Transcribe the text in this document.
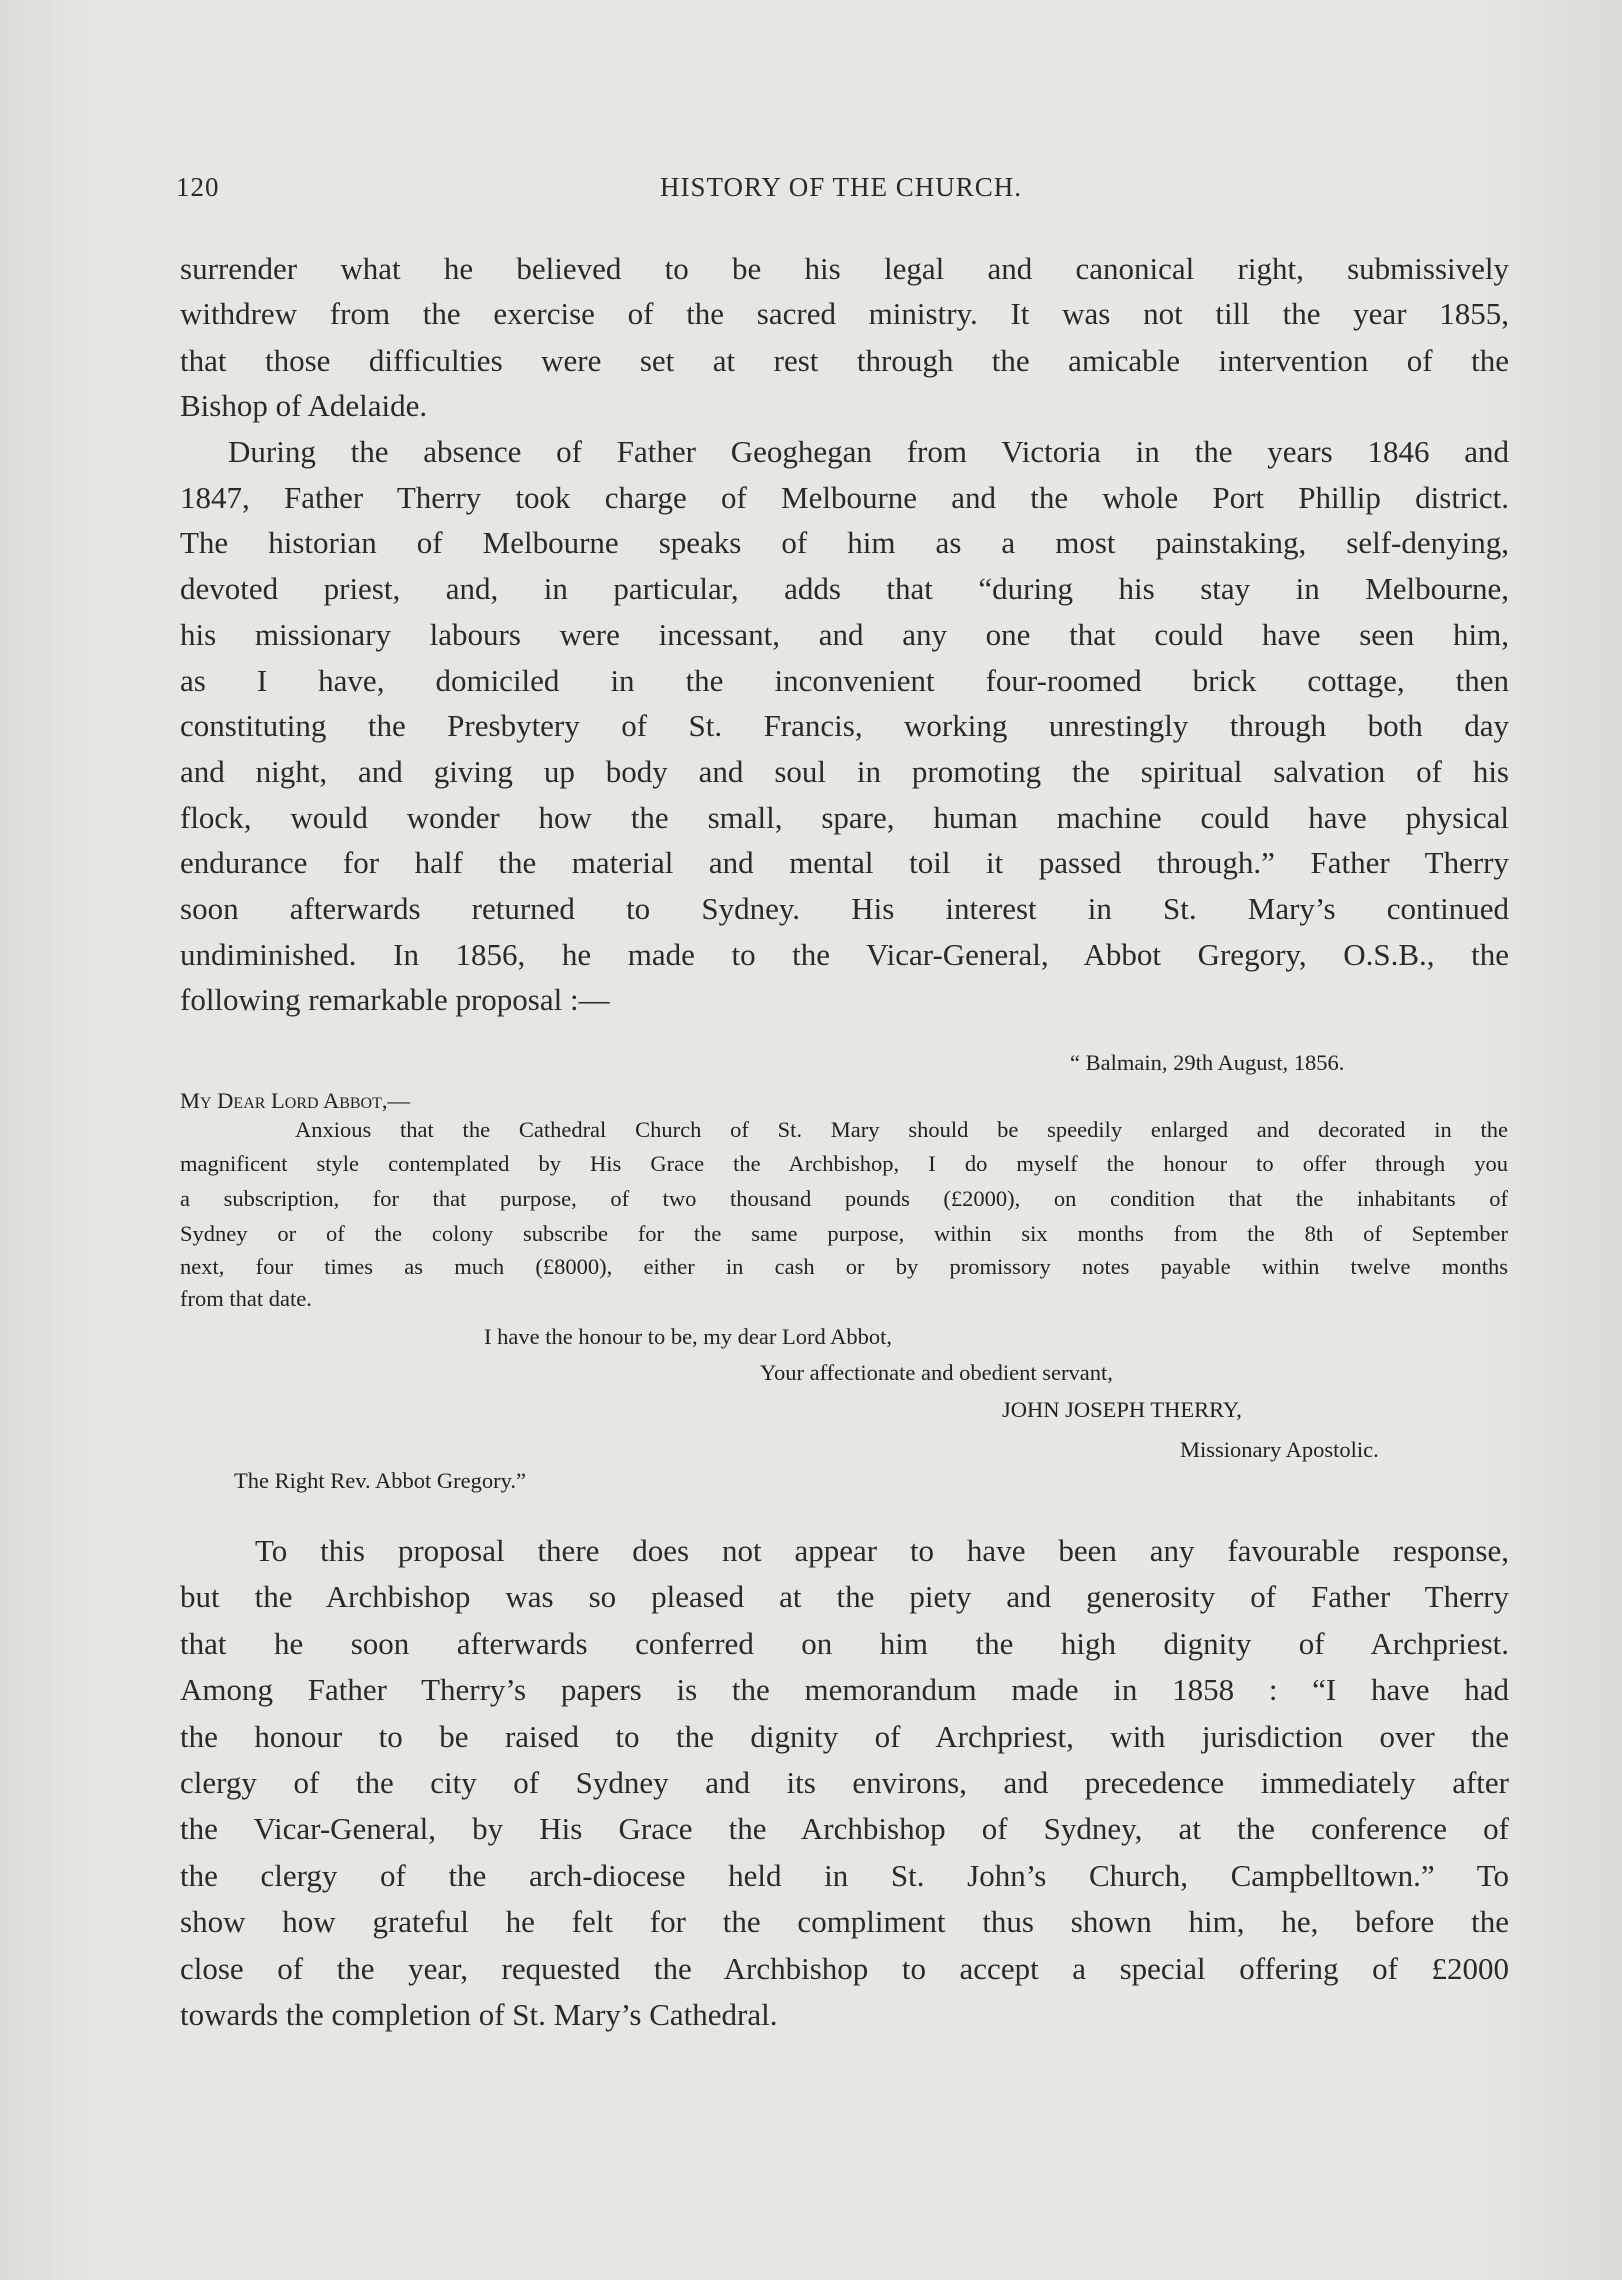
120	HISTORY OF THE CHURCH.
surrender what he believed to be his legal and canonical right, submissively
withdrew from the exercise of the sacred ministry. It was not till the year 1855,
that those difficulties were set at rest through the amicable intervention of the
Bishop of Adelaide.
During the absence of Father Geoghegan from Victoria in the years 1846 and
1847, Father Therry took charge of Melbourne and the whole Port Phillip district.
The historian of Melbourne speaks of him as a most painstaking, self-denying,
devoted priest, and, in particular, adds that “during his stay in Melbourne,
his missionary labours were incessant, and any one that could have seen him,
as I have, domiciled in the inconvenient four-roomed brick cottage, then
constituting the Presbytery of St. Francis, working unrestingly through both day
and night, and giving up body and soul in promoting the spiritual salvation of his
flock, would wonder how the small, spare, human machine could have physical
endurance for half the material and mental toil it passed through.” Father Therry
soon afterwards returned to Sydney. His interest in St. Mary’s continued
undiminished. In 1856, he made to the Vicar-General, Abbot Gregory, O.S.B., the
following remarkable proposal :—
“ Balmain, 29th August, 1856.
My Dear Lord Abbot,—
Anxious that the Cathedral Church of St. Mary should be speedily enlarged and decorated in the
magnificent style contemplated by His Grace the Archbishop, I do myself the honour to offer through you
a subscription, for that purpose, of two thousand pounds (£2000), on condition that the inhabitants of
Sydney or of the colony subscribe for the same purpose, within six months from the 8th of September
next, four times as much (£8000), either in cash or by promissory notes payable within twelve months
from that date.
I have the honour to be, my dear Lord Abbot,
Your affectionate and obedient servant,
JOHN JOSEPH THERRY,
Missionary Apostolic.
The Right Rev. Abbot Gregory.”
To this proposal there does not appear to have been any favourable response,
but the Archbishop was so pleased at the piety and generosity of Father Therry
that he soon afterwards conferred on him the high dignity of Archpriest.
Among Father Therry’s papers is the memorandum made in 1858 : “I have had
the honour to be raised to the dignity of Archpriest, with jurisdiction over the
clergy of the city of Sydney and its environs, and precedence immediately after
the Vicar-General, by His Grace the Archbishop of Sydney, at the conference of
the clergy of the arch-diocese held in St. John’s Church, Campbelltown.” To
show how grateful he felt for the compliment thus shown him, he, before the
close of the year, requested the Archbishop to accept a special offering of £2000
towards the completion of St. Mary’s Cathedral.
